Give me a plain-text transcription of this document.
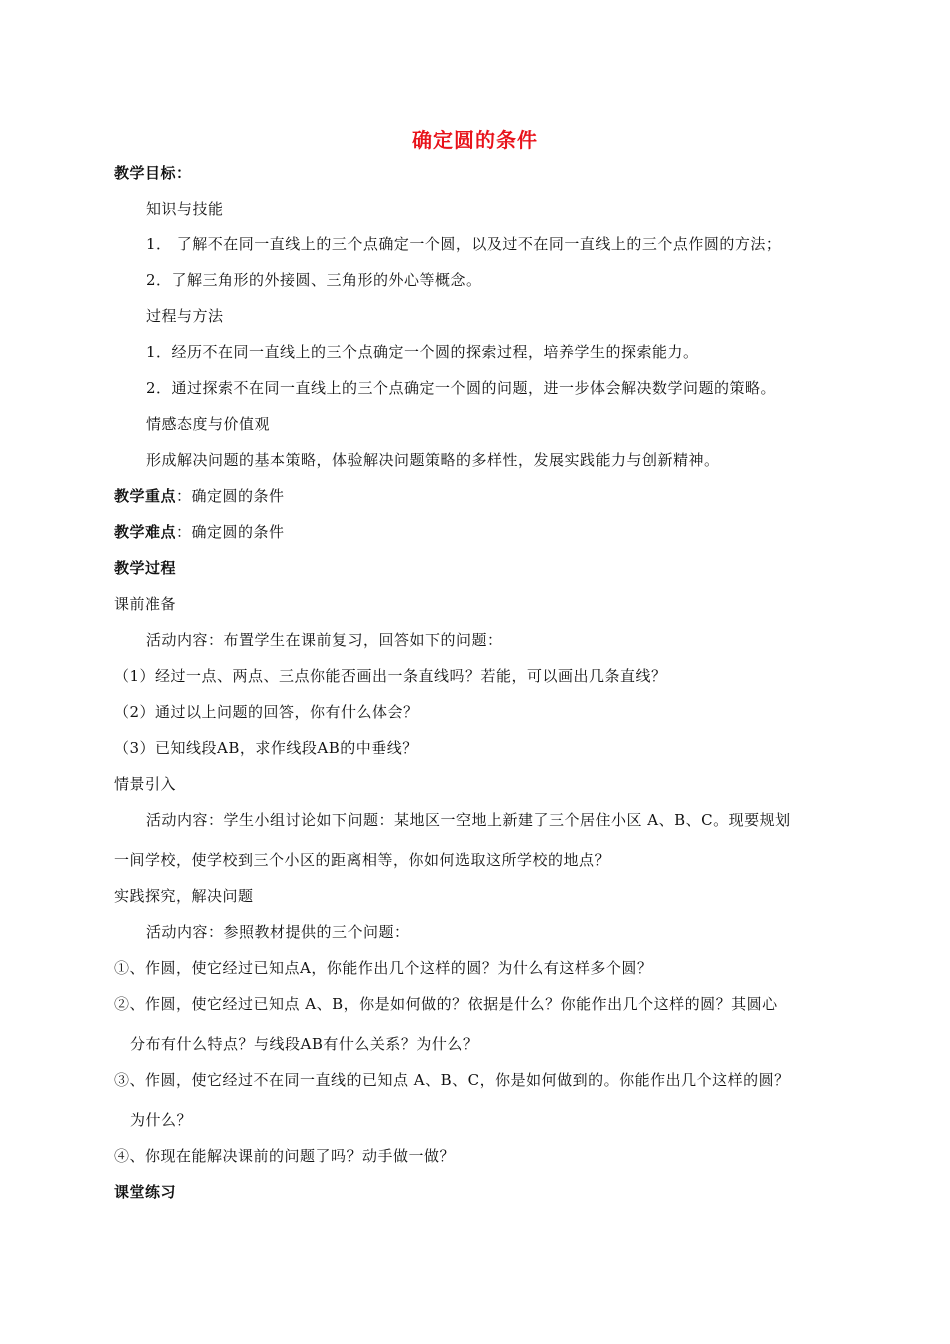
确定圆的条件
教学目标：
知识与技能
1． 了解不在同一直线上的三个点确定一个圆，以及过不在同一直线上的三个点作圆的方法；
2．了解三角形的外接圆、三角形的外心等概念。
过程与方法
1．经历不在同一直线上的三个点确定一个圆的探索过程，培养学生的探索能力。
2．通过探索不在同一直线上的三个点确定一个圆的问题，进一步体会解决数学问题的策略。
情感态度与价值观
形成解决问题的基本策略，体验解决问题策略的多样性，发展实践能力与创新精神。
教学重点：确定圆的条件
教学难点：确定圆的条件
教学过程
课前准备
活动内容：布置学生在课前复习，回答如下的问题：
（1）经过一点、两点、三点你能否画出一条直线吗？若能，可以画出几条直线？
（2）通过以上问题的回答，你有什么体会？
（3）已知线段AB，求作线段AB的中垂线？
情景引入
活动内容：学生小组讨论如下问题：某地区一空地上新建了三个居住小区 A、B、C。现要规划
一间学校，使学校到三个小区的距离相等，你如何选取这所学校的地点？
实践探究，解决问题
活动内容：参照教材提供的三个问题：
①、作圆，使它经过已知点A，你能作出几个这样的圆？为什么有这样多个圆？
②、作圆，使它经过已知点 A、B，你是如何做的？依据是什么？你能作出几个这样的圆？其圆心
分布有什么特点？与线段AB有什么关系？为什么？
③、作圆，使它经过不在同一直线的已知点 A、B、C，你是如何做到的。你能作出几个这样的圆？
为什么？
④、你现在能解决课前的问题了吗？动手做一做？
课堂练习
